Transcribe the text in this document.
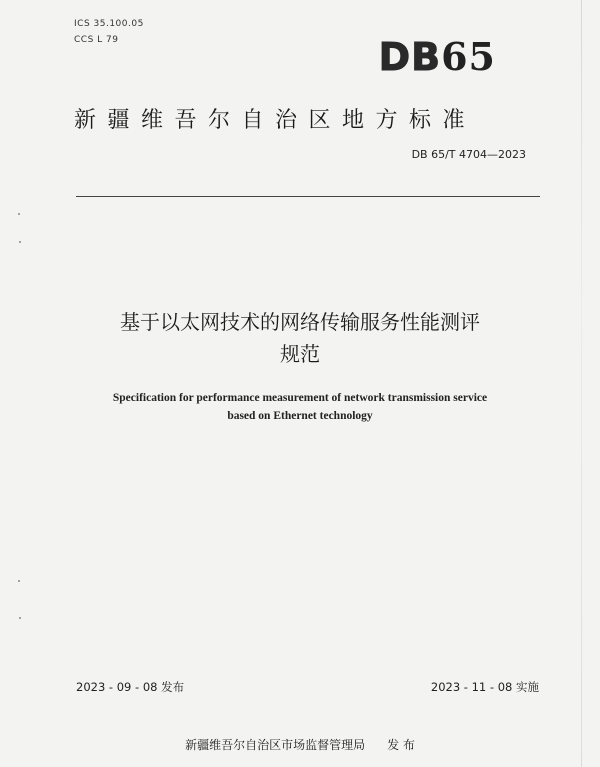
ICS 35.100.05
CCS L 79	DB65
新疆维吾尔自治区地方标准
DB 65/T 4704—2023
基于以太网技术的网络传输服务性能测评
规范
Specification for performance measurement of network transmission service
based on Ethernet technology
2023 - 09 - 08 发布	2023 - 11 - 08 实施
新疆维吾尔自治区市场监督管理局 发 布
